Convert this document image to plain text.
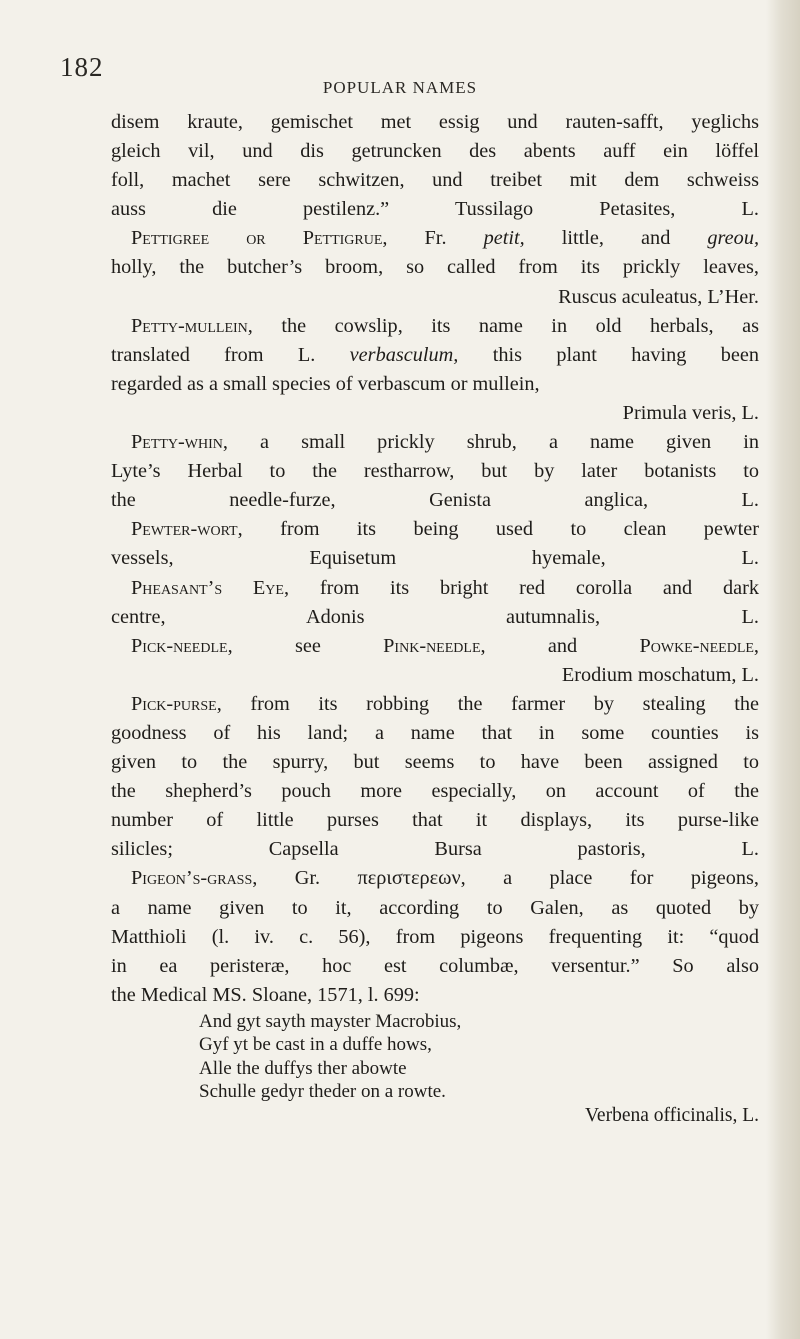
182
POPULAR NAMES
disem kraute, gemischet met essig und rauten-safft, yeglichs
gleich vil, und dis getruncken des abents auff ein löffel
foll, machet sere schwitzen, und treibet mit dem schweiss
auss die pestilenz.”	Tussilago Petasites, L.
Pettigree or Pettigrue, Fr. petit, little, and greou,
holly, the butcher’s broom, so called from its prickly leaves,
Ruscus aculeatus, L’Her.
Petty-mullein, the cowslip, its name in old herbals, as
translated from L. verbasculum, this plant having been
regarded as a small species of verbascum or mullein,
Primula veris, L.
Petty-whin, a small prickly shrub, a name given in
Lyte’s Herbal to the restharrow, but by later botanists to
the needle-furze,	Genista anglica, L.
Pewter-wort, from its being used to clean pewter
vessels,	Equisetum hyemale, L.
Pheasant’s Eye, from its bright red corolla and dark
centre,	Adonis autumnalis, L.
Pick-needle, see Pink-needle, and Powke-needle,
Erodium moschatum, L.
Pick-purse, from its robbing the farmer by stealing the
goodness of his land; a name that in some counties is
given to the spurry, but seems to have been assigned to
the shepherd’s pouch more especially, on account of the
number of little purses that it displays, its purse-like
silicles;	Capsella Bursa pastoris, L.
Pigeon’s-grass, Gr. περιστερεων, a place for pigeons,
a name given to it, according to Galen, as quoted by
Matthioli (l. iv. c. 56), from pigeons frequenting it: “quod
in ea peristeræ, hoc est columbæ, versentur.” So also
the Medical MS. Sloane, 1571, l. 699:
And gyt sayth mayster Macrobius,
Gyf yt be cast in a duffe hows,
Alle the duffys ther abowte
Schulle gedyr theder on a rowte.
Verbena officinalis, L.
